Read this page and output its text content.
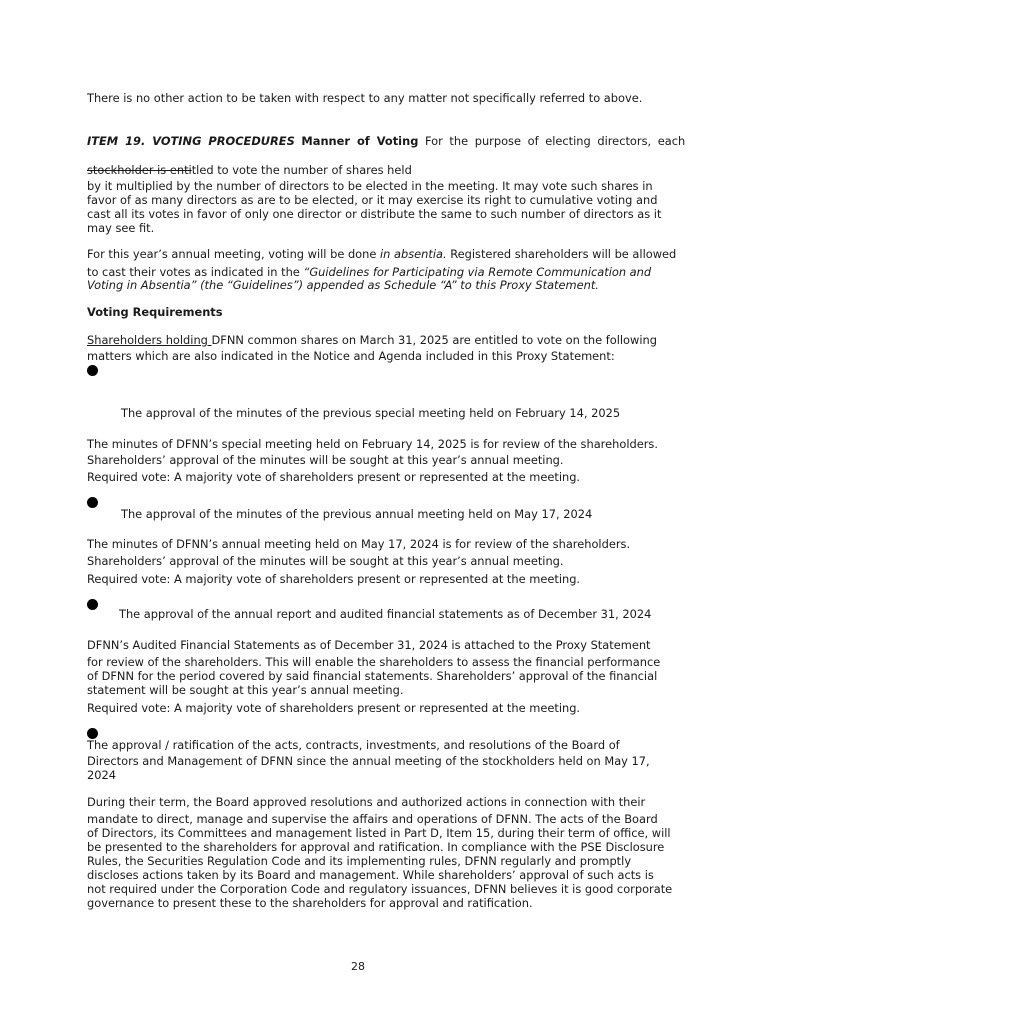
There is no other action to be taken with respect to any matter not specifically referred to above.
ITEM 19. VOTING PROCEDURES Manner of Voting For the purpose of electing directors, each
stockholder is entitled to vote the number of shares held
by it multiplied by the number of directors to be elected in the meeting. It may vote such shares in
favor of as many directors as are to be elected, or it may exercise its right to cumulative voting and
cast all its votes in favor of only one director or distribute the same to such number of directors as it
may see fit.
For this year’s annual meeting, voting will be done in absentia. Registered shareholders will be allowed
to cast their votes as indicated in the “Guidelines for Participating via Remote Communication and
Voting in Absentia” (the “Guidelines”) appended as Schedule “A” to this Proxy Statement.
Voting Requirements
Shareholders holding DFNN common shares on March 31, 2025 are entitled to vote on the following
matters which are also indicated in the Notice and Agenda included in this Proxy Statement:
The approval of the minutes of the previous special meeting held on February 14, 2025
The minutes of DFNN’s special meeting held on February 14, 2025 is for review of the shareholders.
Shareholders’ approval of the minutes will be sought at this year’s annual meeting.
Required vote: A majority vote of shareholders present or represented at the meeting.
The approval of the minutes of the previous annual meeting held on May 17, 2024
The minutes of DFNN’s annual meeting held on May 17, 2024 is for review of the shareholders.
Shareholders’ approval of the minutes will be sought at this year’s annual meeting.
Required vote: A majority vote of shareholders present or represented at the meeting.
The approval of the annual report and audited financial statements as of December 31, 2024
DFNN’s Audited Financial Statements as of December 31, 2024 is attached to the Proxy Statement
for review of the shareholders. This will enable the shareholders to assess the financial performance
of DFNN for the period covered by said financial statements. Shareholders’ approval of the financial
statement will be sought at this year’s annual meeting.
Required vote: A majority vote of shareholders present or represented at the meeting.
The approval / ratification of the acts, contracts, investments, and resolutions of the Board of
Directors and Management of DFNN since the annual meeting of the stockholders held on May 17,
2024
During their term, the Board approved resolutions and authorized actions in connection with their
mandate to direct, manage and supervise the affairs and operations of DFNN. The acts of the Board
of Directors, its Committees and management listed in Part D, Item 15, during their term of office, will
be presented to the shareholders for approval and ratification. In compliance with the PSE Disclosure
Rules, the Securities Regulation Code and its implementing rules, DFNN regularly and promptly
discloses actions taken by its Board and management. While shareholders’ approval of such acts is
not required under the Corporation Code and regulatory issuances, DFNN believes it is good corporate
governance to present these to the shareholders for approval and ratification.
28
